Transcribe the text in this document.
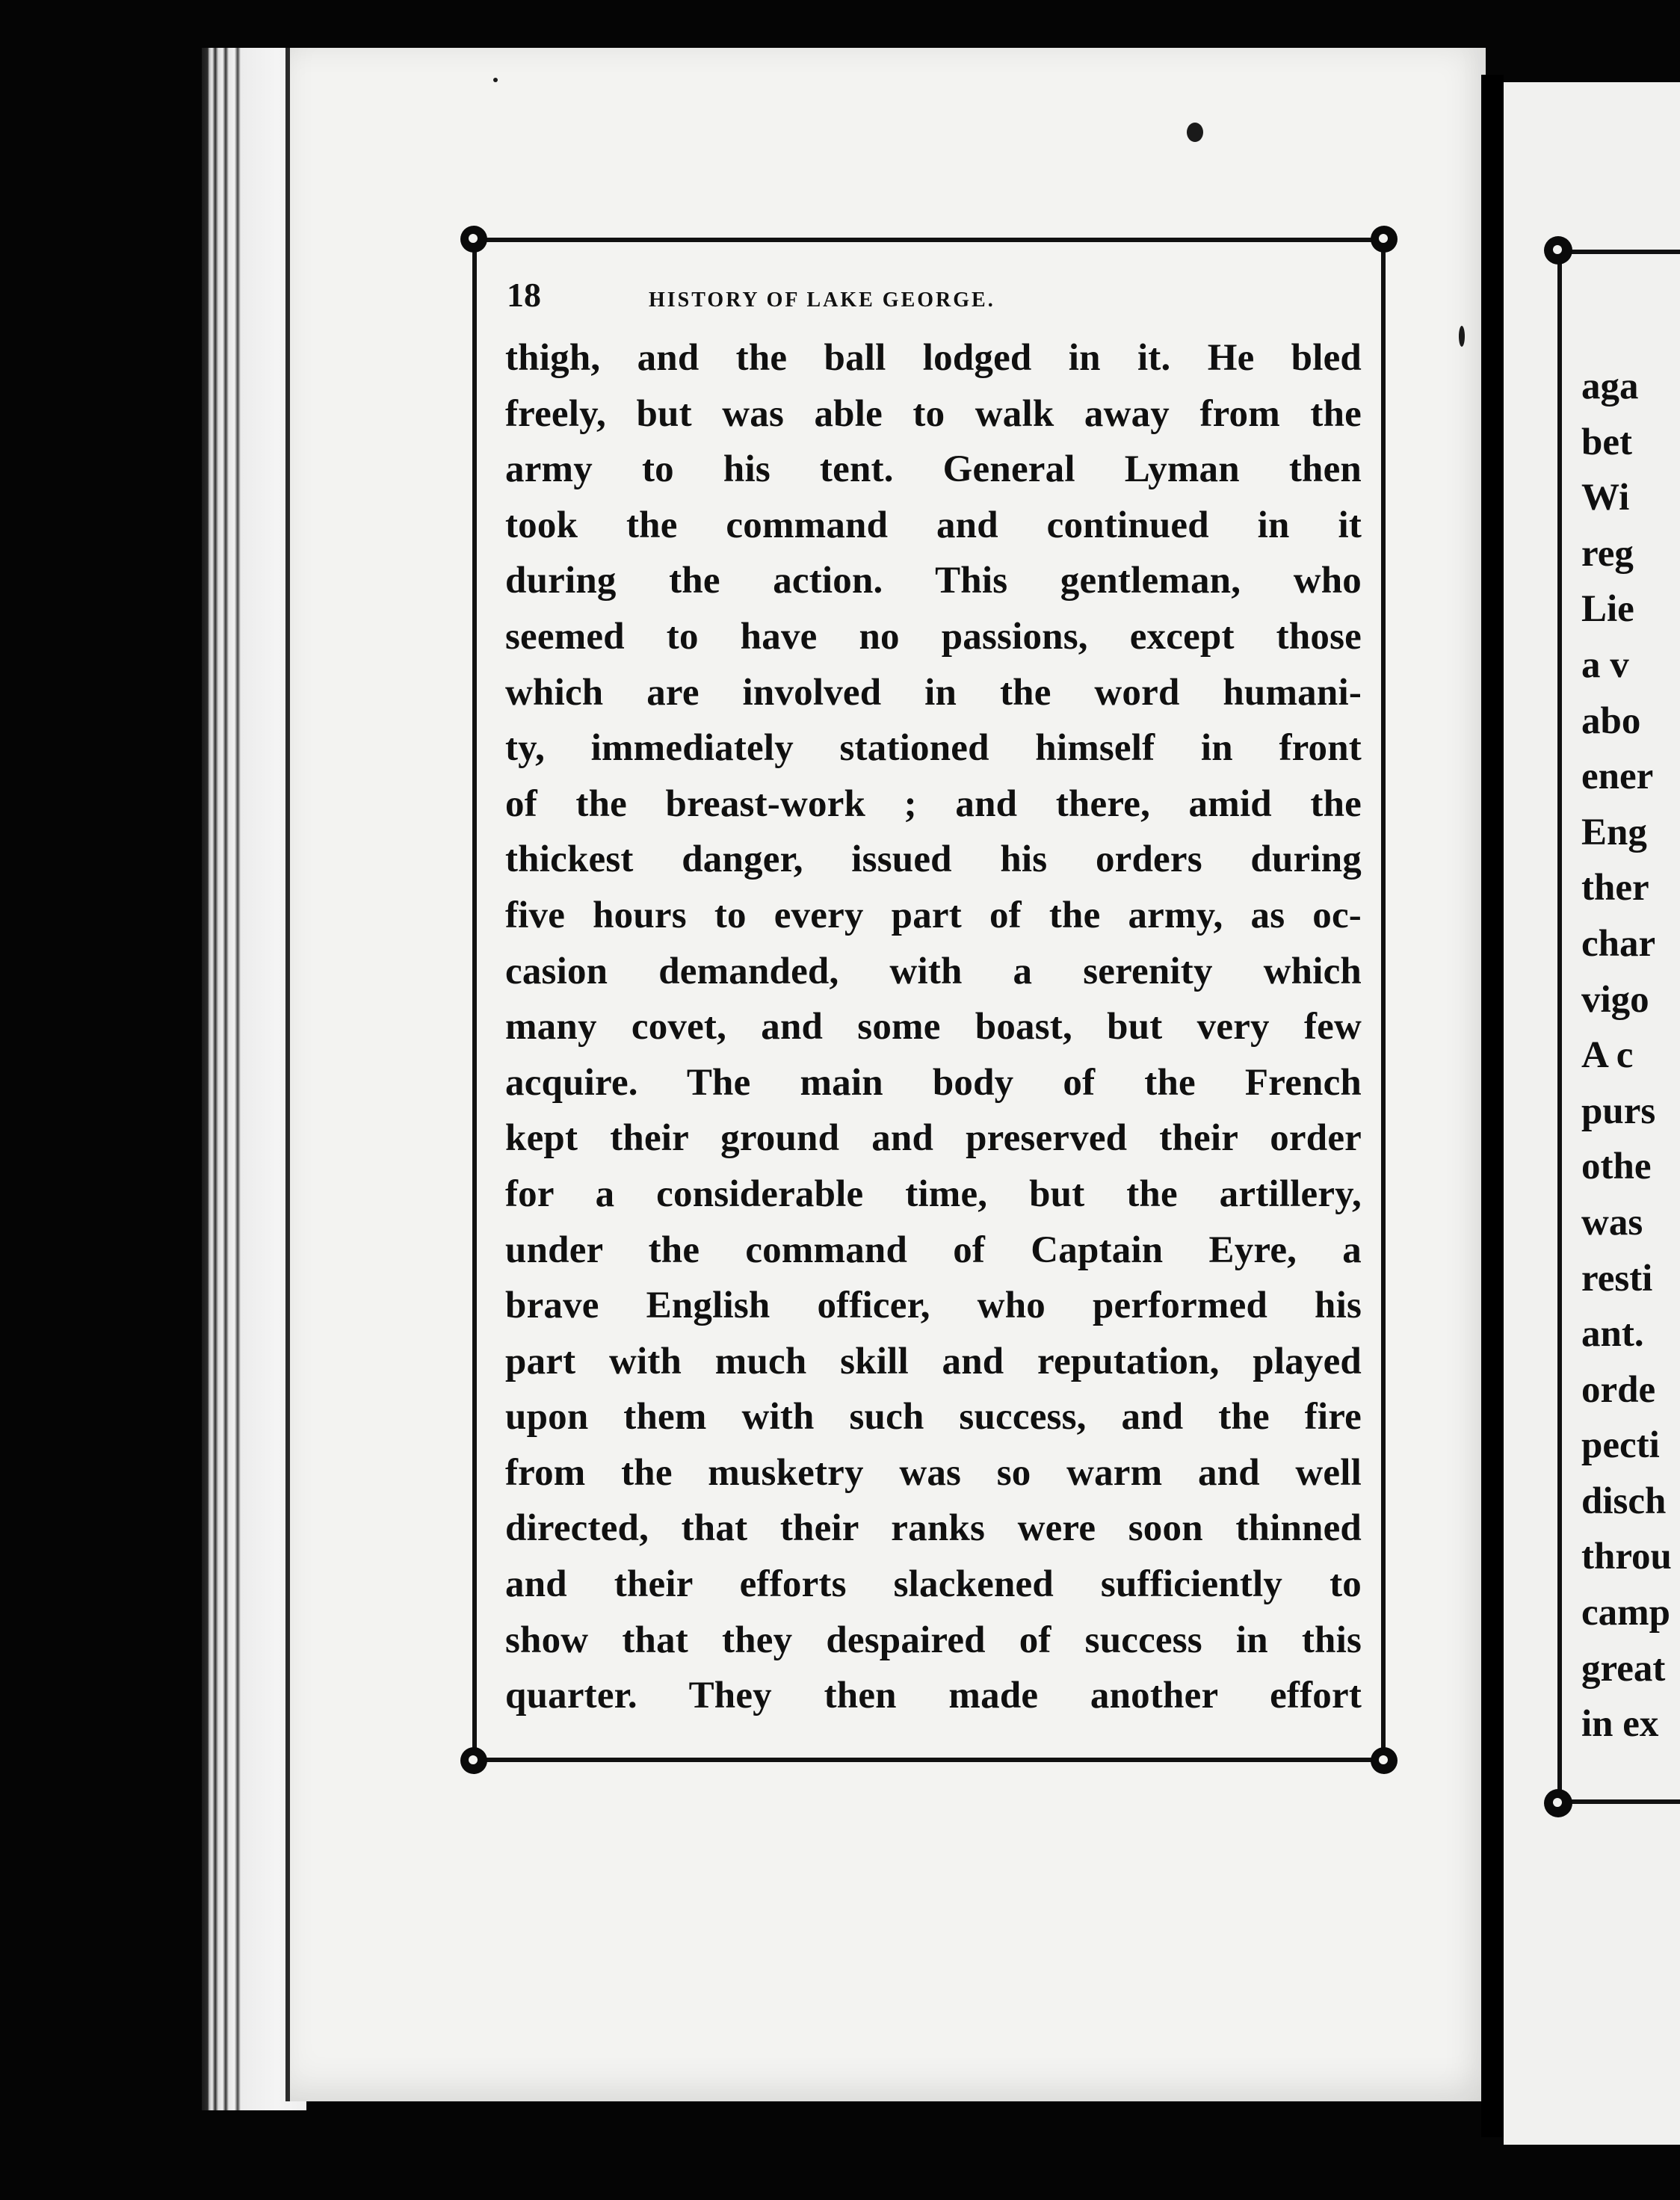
aga
bet
Wi
reg
Lie
a v
abo
ener
Eng
ther
char
vigo
A c
purs
othe
was
resti
ant.
orde
pecti
disch
throu
camp
great
in ex
18	HISTORY OF LAKE GEORGE.
thigh, and the ball lodged in it. He bled
freely, but was able to walk away from the
army to his tent. General Lyman then
took the command and continued in it
during the action. This gentleman, who
seemed to have no passions, except those
which are involved in the word humani-
ty, immediately stationed himself in front
of the breast-work ; and there, amid the
thickest danger, issued his orders during
five hours to every part of the army, as oc-
casion demanded, with a serenity which
many covet, and some boast, but very few
acquire. The main body of the French
kept their ground and preserved their order
for a considerable time, but the artillery,
under the command of Captain Eyre, a
brave English officer, who performed his
part with much skill and reputation, played
upon them with such success, and the fire
from the musketry was so warm and well
directed, that their ranks were soon thinned
and their efforts slackened sufficiently to
show that they despaired of success in this
quarter. They then made another effort
